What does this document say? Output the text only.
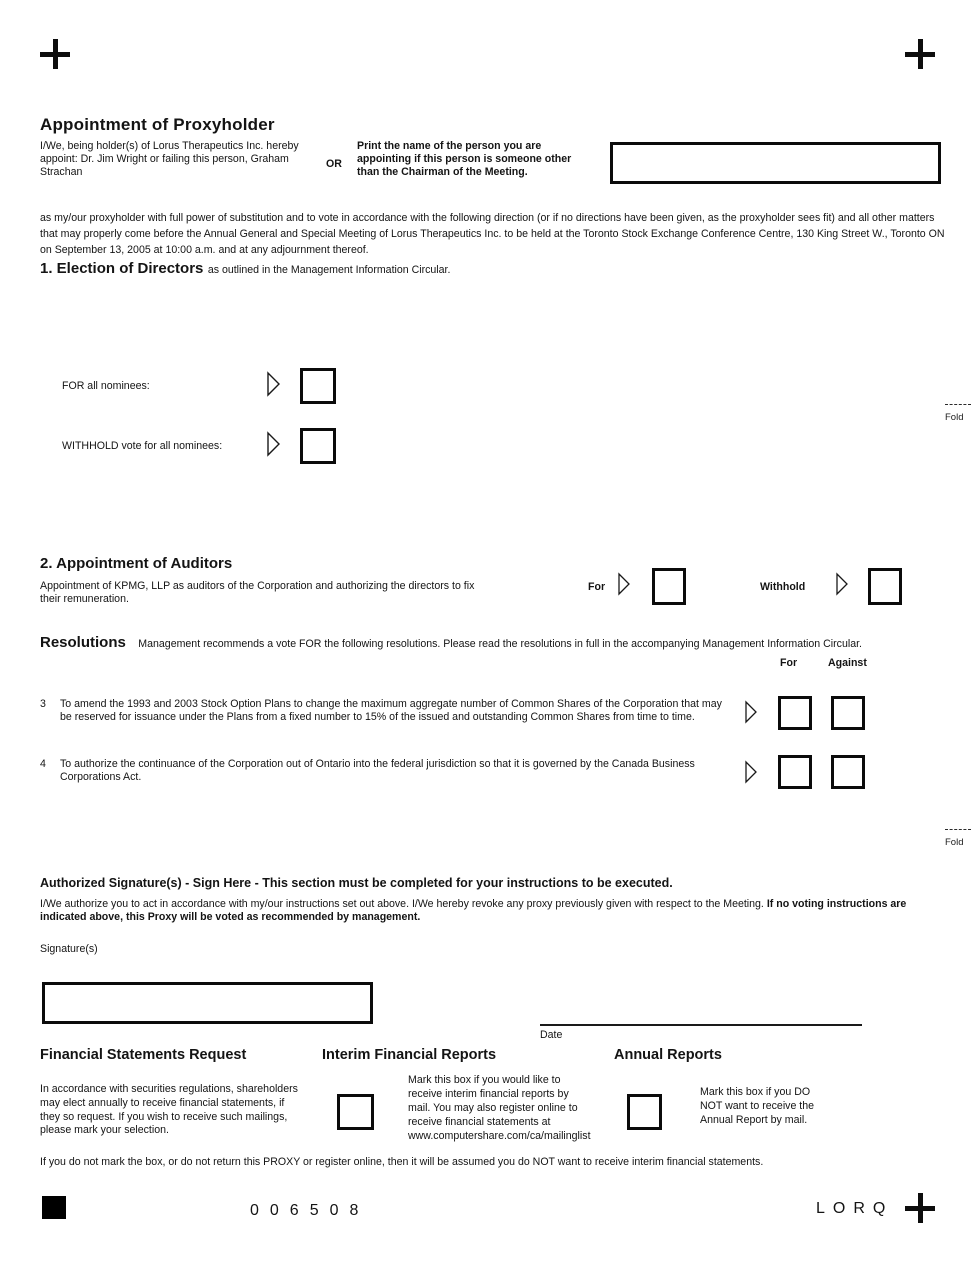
Appointment of Proxyholder
I/We, being holder(s) of Lorus Therapeutics Inc. hereby appoint: Dr. Jim Wright or failing this person, Graham Strachan
OR
Print the name of the person you are appointing if this person is someone other than the Chairman of the Meeting.
as my/our proxyholder with full power of substitution and to vote in accordance with the following direction (or if no directions have been given, as the proxyholder sees fit) and all other matters that may properly come before the Annual General and Special Meeting of Lorus Therapeutics Inc. to be held at the Toronto Stock Exchange Conference Centre, 130 King Street W., Toronto ON on September 13, 2005 at 10:00 a.m. and at any adjournment thereof.
1. Election of Directors as outlined in the Management Information Circular.
FOR all nominees:
WITHHOLD vote for all nominees:
Fold
2. Appointment of Auditors
Appointment of KPMG, LLP as auditors of the Corporation and authorizing the directors to fix their remuneration.
For	Withhold
Resolutions Management recommends a vote FOR the following resolutions. Please read the resolutions in full in the accompanying Management Information Circular.
For	Against
3 To amend the 1993 and 2003 Stock Option Plans to change the maximum aggregate number of Common Shares of the Corporation that may be reserved for issuance under the Plans from a fixed number to 15% of the issued and outstanding Common Shares from time to time.
4 To authorize the continuance of the Corporation out of Ontario into the federal jurisdiction so that it is governed by the Canada Business Corporations Act.
Fold
Authorized Signature(s) - Sign Here - This section must be completed for your instructions to be executed.
I/We authorize you to act in accordance with my/our instructions set out above. I/We hereby revoke any proxy previously given with respect to the Meeting. If no voting instructions are indicated above, this Proxy will be voted as recommended by management.
Signature(s)
Date
Financial Statements Request
In accordance with securities regulations, shareholders may elect annually to receive financial statements, if they so request. If you wish to receive such mailings, please mark your selection.
Interim Financial Reports
Mark this box if you would like to receive interim financial reports by mail. You may also register online to receive financial statements at www.computershare.com/ca/mailinglist
Annual Reports
Mark this box if you DO NOT want to receive the Annual Report by mail.
If you do not mark the box, or do not return this PROXY or register online, then it will be assumed you do NOT want to receive interim financial statements.
006508	LORQ
